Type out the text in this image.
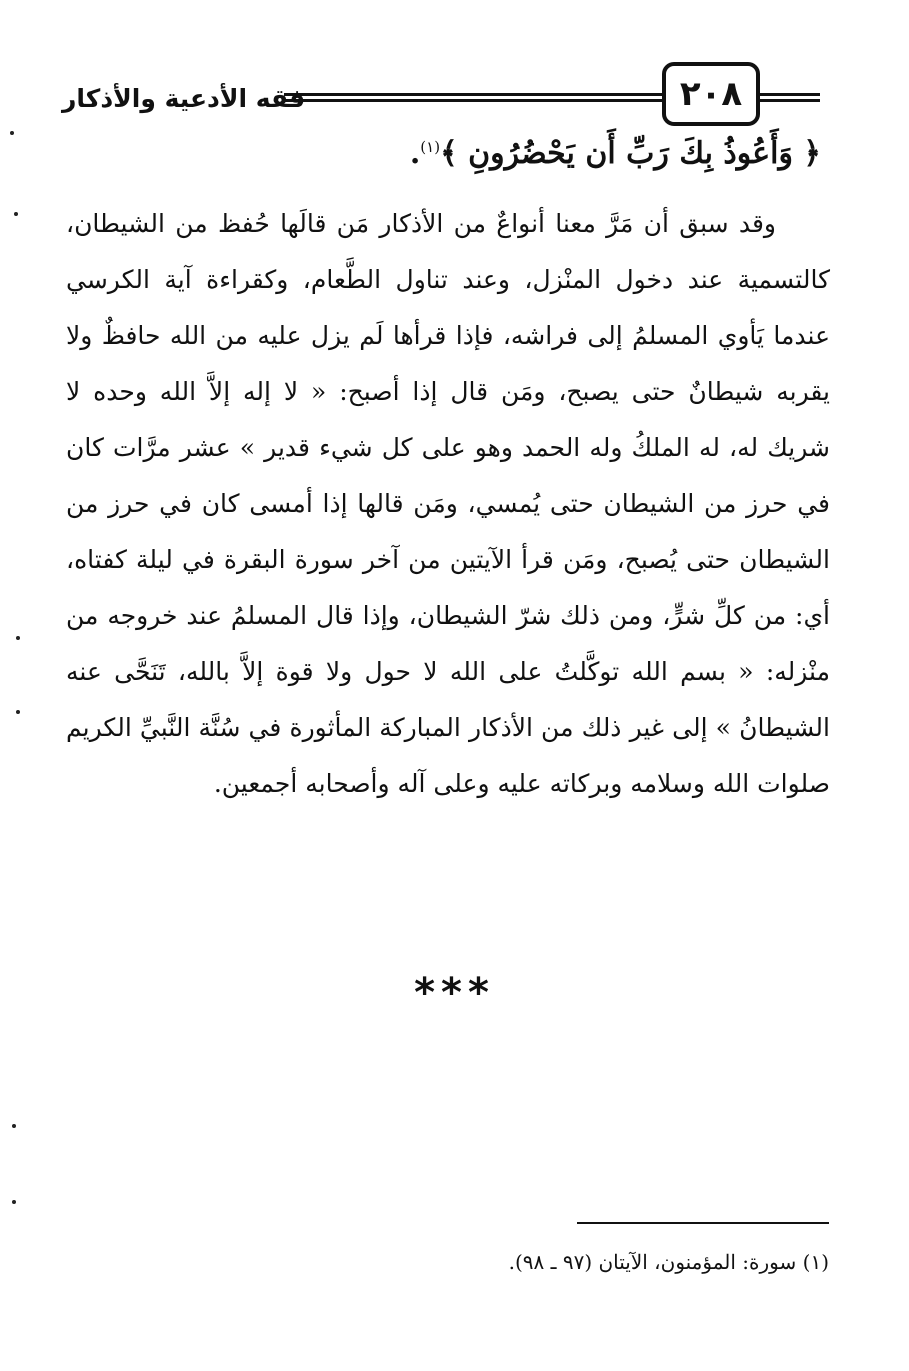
فقه الأدعية والأذكار	٢٠٨
﴿ وَأَعُوذُ بِكَ رَبِّ أَن يَحْضُرُونِ ﴾$^{(١)}$.

وقد سبق أن مَرَّ معنا أنواعٌ من الأذكار مَن قالَها حُفظ من الشيطان، كالتسمية عند دخول المنْزل، وعند تناول الطَّعام، وكقراءة آية الكرسي عندما يَأوي المسلمُ إلى فراشه، فإذا قرأها لَم يزل عليه من الله حافظٌ ولا يقربه شيطانٌ حتى يصبح، ومَن قال إذا أصبح: « لا إله إلاَّ الله وحده لا شريك له، له الملكُ وله الحمد وهو على كل شيء قدير » عشر مرَّات كان في حرز من الشيطان حتى يُمسي، ومَن قالها إذا أمسى كان في حرز من الشيطان حتى يُصبح، ومَن قرأ الآيتين من آخر سورة البقرة في ليلة كفتاه، أي: من كلِّ شرٍّ، ومن ذلك شرّ الشيطان، وإذا قال المسلمُ عند خروجه من منْزله: « بسم الله توكَّلتُ على الله لا حول ولا قوة إلاَّ بالله، تَنَحَّى عنه الشيطانُ » إلى غير ذلك من الأذكار المباركة المأثورة في سُنَّة النَّبيِّ الكريم صلوات الله وسلامه وبركاته عليه وعلى آله وأصحابه أجمعين.

***
(١) سورة: المؤمنون، الآيتان (٩٧ ـ ٩٨).
